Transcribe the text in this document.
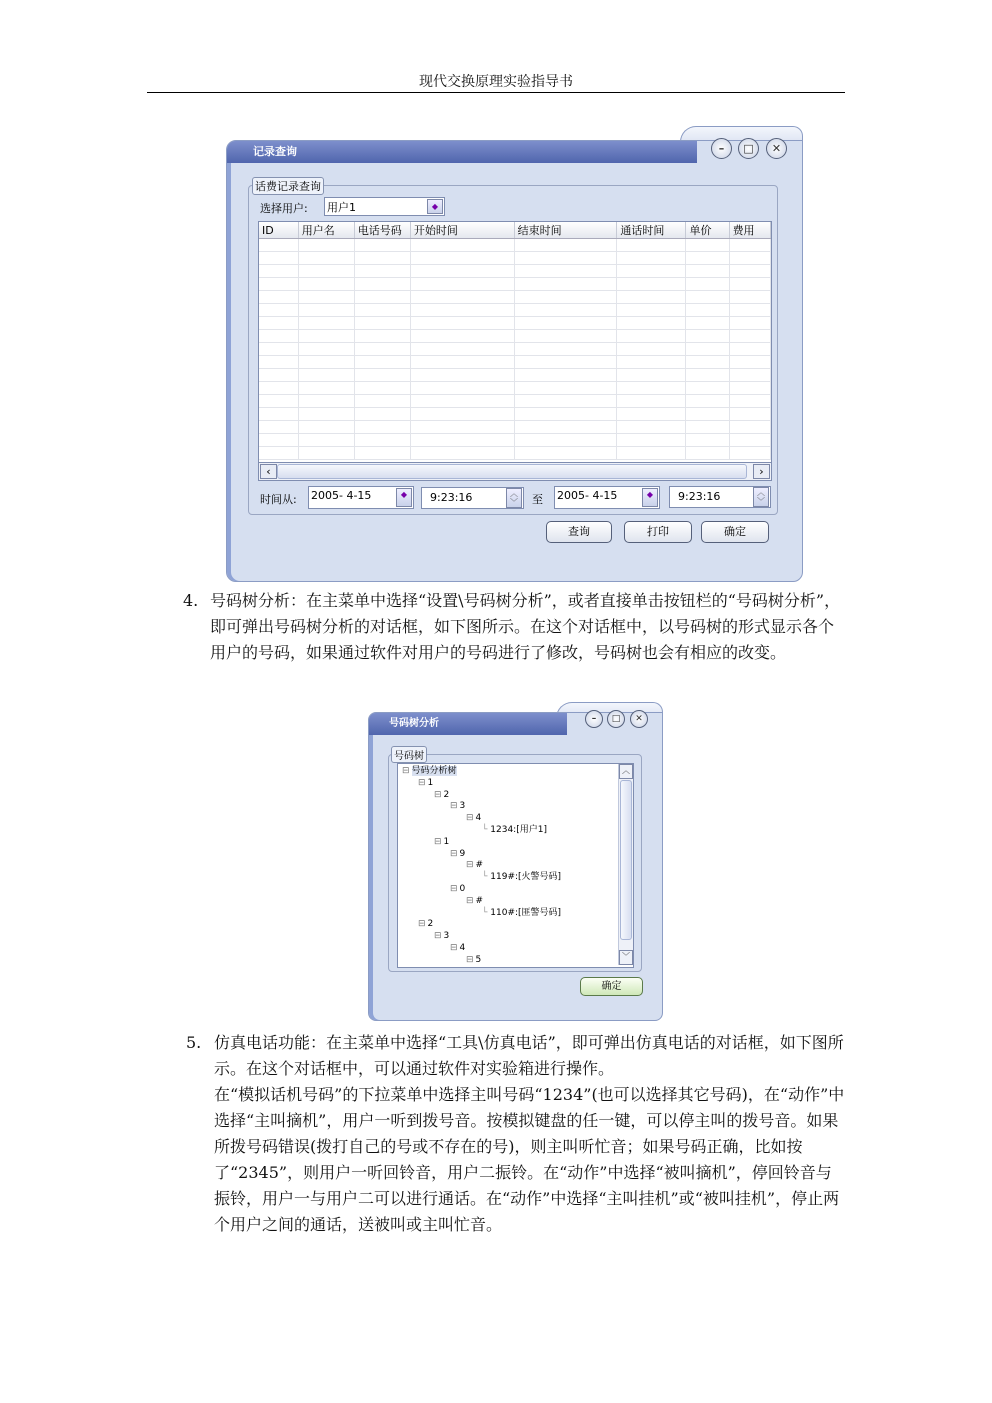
现代交换原理实验指导书
记录查询	–	□	✕
话费记录查询
选择用户: 用户1	◆
ID	用户名	电话号码	开始时间	结束时间	通话时间	单价	费用

‹	›
时间从: 2005- 4-15	◆	9:23:16	︿
﹀	至 2005- 4-15	◆	9:23:16	︿
﹀
查询	打印	确定
4. 号码树分析：在主菜单中选择“设置\号码树分析”，或者直接单击按钮栏的“号码树分析”，即可弹出号码树分析的对话框，如下图所示。在这个对话框中，以号码树的形式显示各个用户的号码，如果通过软件对用户的号码进行了修改，号码树也会有相应的改变。
号码树分析	–	□	✕
号码树
⊟ 号码分析树
⊟ 1
⊟ 2
⊟ 3
⊟ 4
└ 1234:[用户1]
⊟ 1
⊟ 9
⊟ #
└ 119#:[火警号码]
⊟ 0
⊟ #
└ 110#:[匪警号码]
⊟ 2
⊟ 3
⊟ 4
⊟ 5
︿
﹀
确定
5. 仿真电话功能：在主菜单中选择“工具\仿真电话”，即可弹出仿真电话的对话框，如下图所示。在这个对话框中，可以通过软件对实验箱进行操作。
在“模拟话机号码”的下拉菜单中选择主叫号码“1234”(也可以选择其它号码)，在“动作”中选择“主叫摘机”，用户一听到拨号音。按模拟键盘的任一键，可以停主叫的拨号音。如果所拨号码错误(拨打自己的号或不存在的号)，则主叫听忙音；如果号码正确，比如按了“2345”，则用户一听回铃音，用户二振铃。在“动作”中选择“被叫摘机”，停回铃音与振铃，用户一与用户二可以进行通话。在“动作”中选择“主叫挂机”或“被叫挂机”，停止两个用户之间的通话，送被叫或主叫忙音。
